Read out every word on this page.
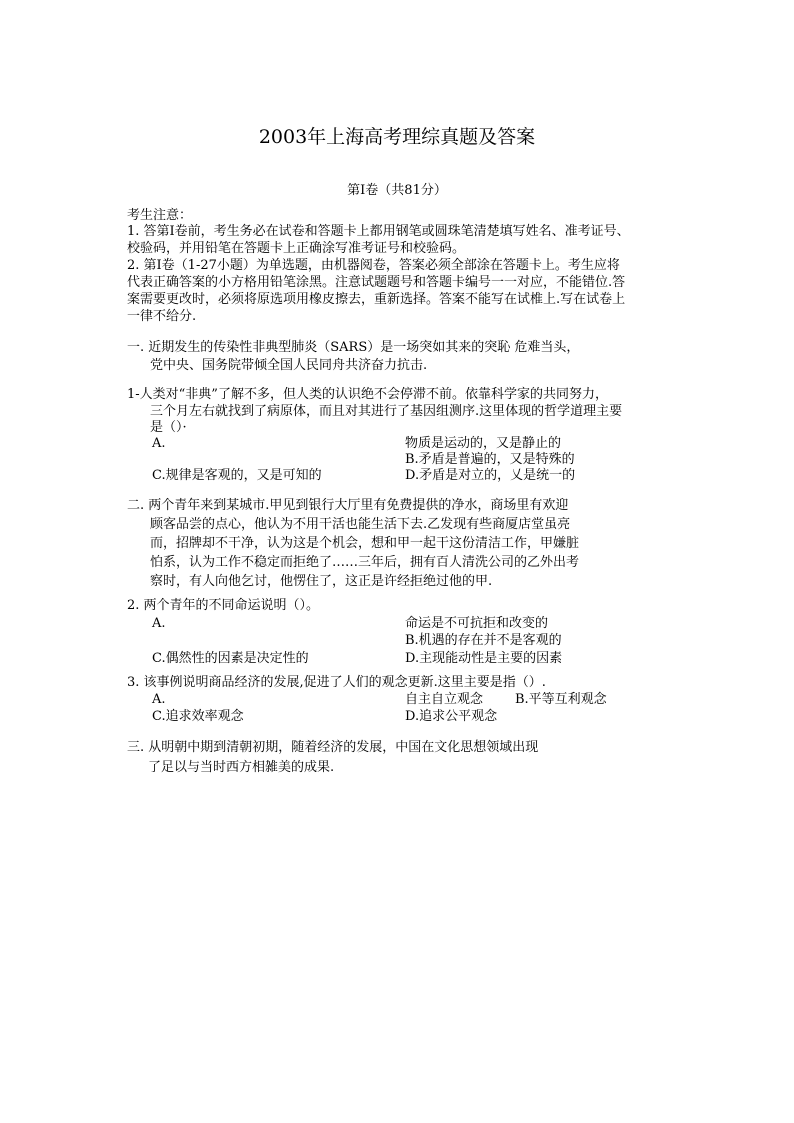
2003年上海高考理综真题及答案
第I卷（共81分）
考生注意：
1. 答第I卷前，考生务必在试卷和答题卡上都用钢笔或圆珠笔清楚填写姓名、准考证号、
校验码，并用铅笔在答题卡上正确涂写准考证号和校验码。
2. 第I卷（1-27小题）为单选题，由机器阅卷，答案必须全部涂在答题卡上。考生应将
代表正确答案的小方格用铅笔涂黑。注意试题题号和答题卡编号一一对应，不能错位.答
案需要更改时，必须将原选项用橡皮擦去，重新选择。答案不能写在试椎上.写在试卷上
一律不给分.
一. 近期发生的传染性非典型肺炎（SARS）是一场突如其来的突恥 危难当头，
党中央、国务院带倾全国人民同舟共济奋力抗击.
1-人类对“非典”了解不多，但人类的认识绝不会停滞不前。依靠科学家的共同努力，
三个月左右就找到了病原体，而且对其进行了基因组测序.这里体现的哲学道理主要
是（）·
A.	物质是运动的，又是静止的
B.矛盾是普遍的，又是特殊的
C.规律是客观的，又是可知的	D.矛盾是对立的，乂是统一的
二. 两个青年来到某城市.甲见到银行大厅里有免费提供的净水，商场里有欢迎
顾客品尝的点心，他认为不用干活也能生活下去.乙发现有些商厦店堂虽亮
而，招牌却不干净，认为这是个机会，想和甲一起干这份清洁工作，甲嫌脏
怕系，认为工作不稳定而拒绝了……三年后，拥有百人清洗公司的乙外出考
察时，有人向他乞讨，他愣住了，这正是许经拒绝过他的甲.
2. 两个青年的不同命运说明（）。
A.	命运是不可抗拒和改变的
B.机遇的存在并不是客观的
C.偶然性的因素是决定性的	D.主现能动性是主要的因素
3. 该事例说明商品经济的发展,促进了人们的观念更新.这里主要是指（）.
A.	自主自立观念 B.平等互利观念
C.追求效率观念	D.追求公平观念
三. 从明朝中期到清朝初期，随着经济的发展，中国在文化思想领域出现
了足以与当时西方相雑美的成果.
